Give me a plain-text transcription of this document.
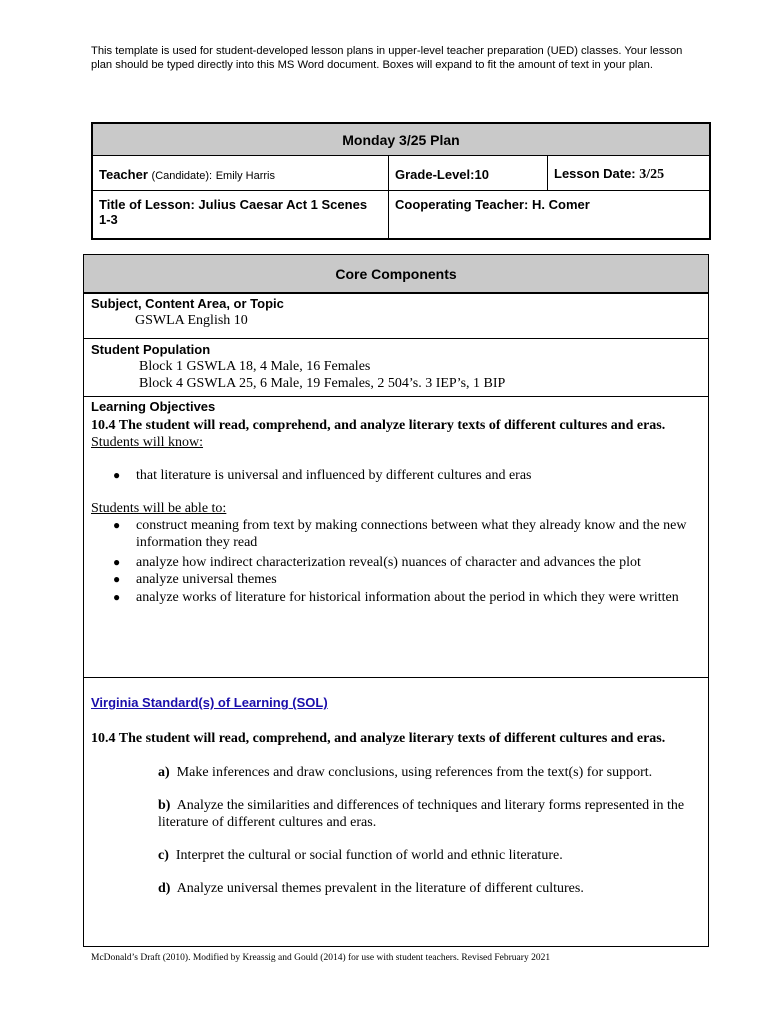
This template is used for student-developed lesson plans in upper-level teacher preparation (UED) classes. Your lesson plan should be typed directly into this MS Word document. Boxes will expand to fit the amount of text in your plan.
Monday 3/25 Plan		
Teacher (Candidate): Emily Harris	Grade-Level:10	Lesson Date: 3/25
Title of Lesson: Julius Caesar Act 1 Scenes 1-3	Cooperating Teacher: H. Comer	
Core Components

Subject, Content Area, or Topic
GSWLA English 10

Student Population
Block 1 GSWLA 18, 4 Male, 16 Females
Block 4 GSWLA 25, 6 Male, 19 Females, 2 504’s. 3 IEP’s, 1 BIP

Learning Objectives
10.4 The student will read, comprehend, and analyze literary texts of different cultures and eras.
Students will know:
● that literature is universal and influenced by different cultures and eras
Students will be able to:
● construct meaning from text by making connections between what they already know and the new information they read
● analyze how indirect characterization reveal(s) nuances of character and advances the plot
● analyze universal themes
● analyze works of literature for historical information about the period in which they were written

Virginia Standard(s) of Learning (SOL)
10.4 The student will read, comprehend, and analyze literary texts of different cultures and eras.
a) Make inferences and draw conclusions, using references from the text(s) for support.
b) Analyze the similarities and differences of techniques and literary forms represented in the literature of different cultures and eras.
c) Interpret the cultural or social function of world and ethnic literature.
d) Analyze universal themes prevalent in the literature of different cultures.
McDonald’s Draft (2010). Modified by Kreassig and Gould (2014) for use with student teachers. Revised February 2021
